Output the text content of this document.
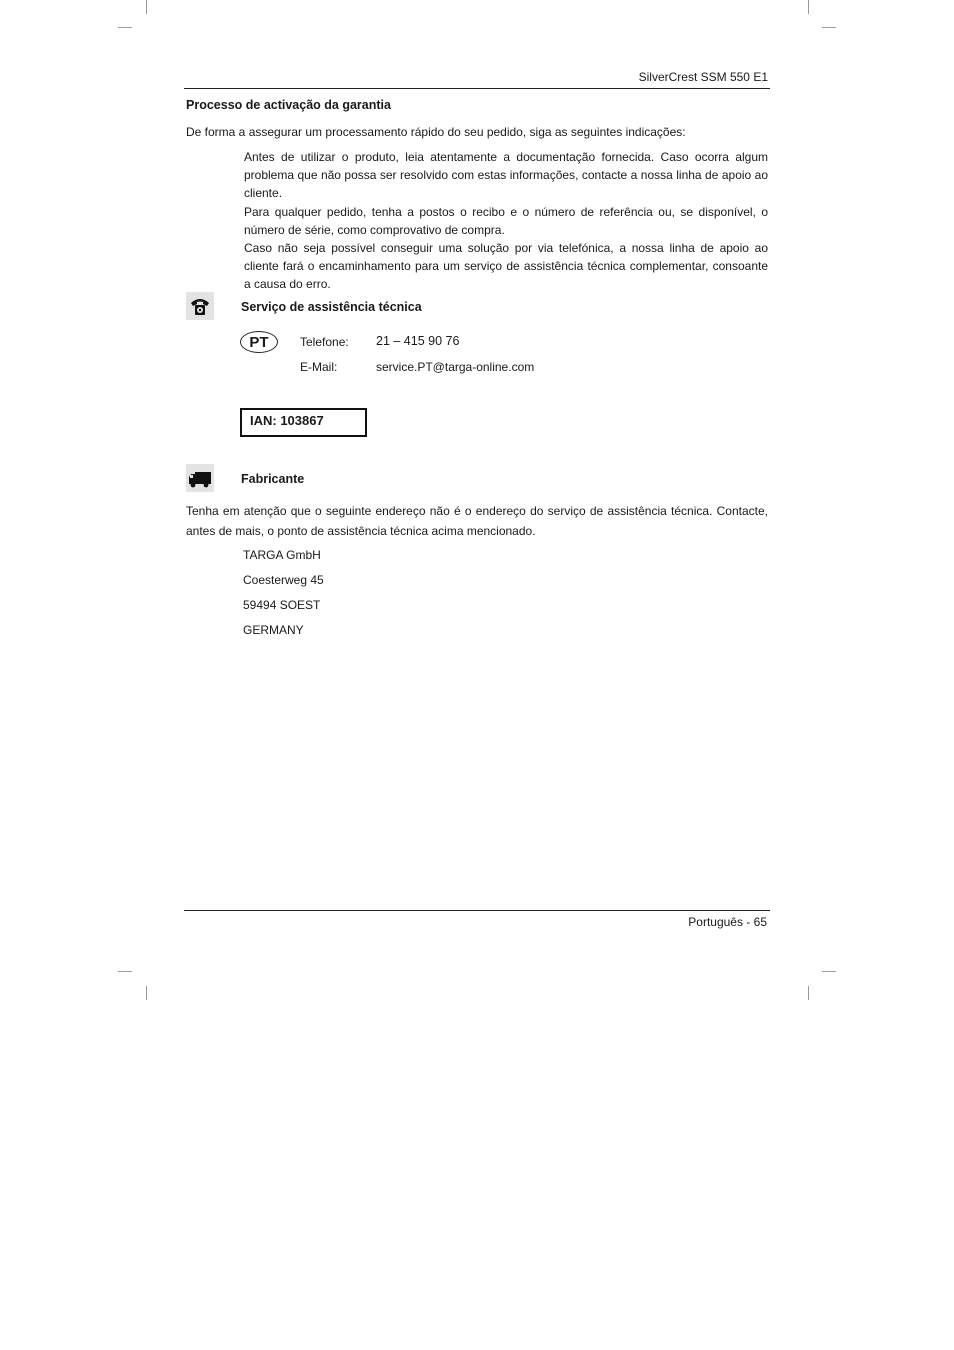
SilverCrest SSM 550 E1
Processo de activação da garantia
De forma a assegurar um processamento rápido do seu pedido, siga as seguintes indicações:
Antes de utilizar o produto, leia atentamente a documentação fornecida. Caso ocorra algum problema que não possa ser resolvido com estas informações, contacte a nossa linha de apoio ao cliente.
Para qualquer pedido, tenha a postos o recibo e o número de referência ou, se disponível, o número de série, como comprovativo de compra.
Caso não seja possível conseguir uma solução por via telefónica, a nossa linha de apoio ao cliente fará o encaminhamento para um serviço de assistência técnica complementar, consoante a causa do erro.
Serviço de assistência técnica
PT	Telefone: 21 – 415 90 76
E-Mail:	service.PT@targa-online.com
IAN: 103867
Fabricante
Tenha em atenção que o seguinte endereço não é o endereço do serviço de assistência técnica. Contacte, antes de mais, o ponto de assistência técnica acima mencionado.
TARGA GmbH
Coesterweg 45
59494 SOEST
GERMANY
Português - 65
